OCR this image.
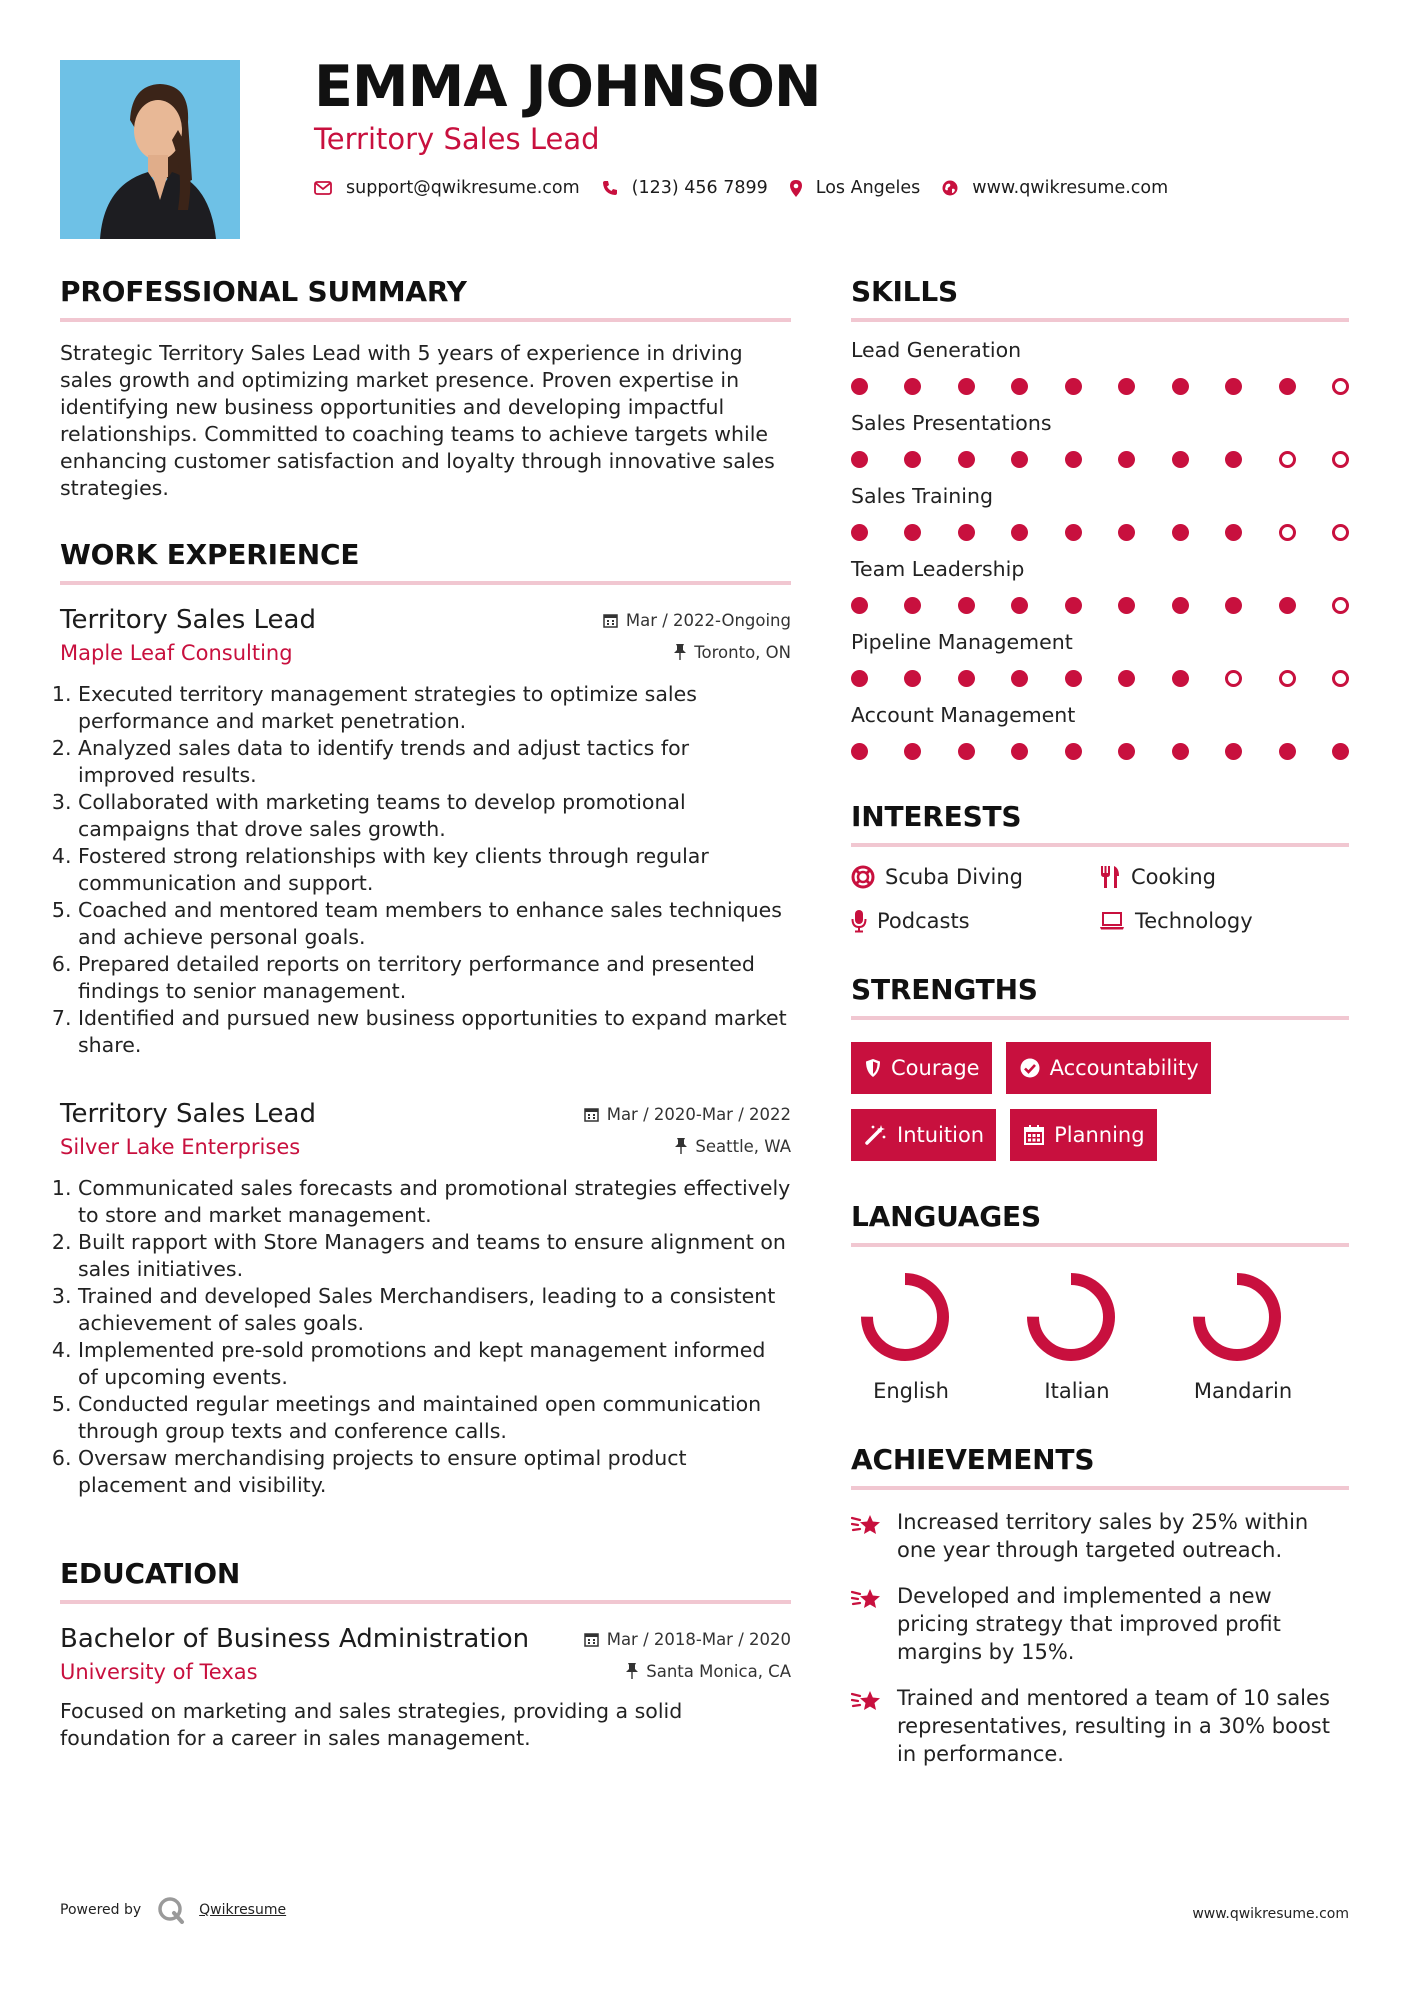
EMMA JOHNSON
Territory Sales Lead
support@qwikresume.com	(123) 456 7899	Los Angeles	www.qwikresume.com
PROFESSIONAL SUMMARY

Strategic Territory Sales Lead with 5 years of experience in driving sales growth and optimizing market presence. Proven expertise in identifying new business opportunities and developing impactful relationships. Committed to coaching teams to achieve targets while enhancing customer satisfaction and loyalty through innovative sales strategies.

WORK EXPERIENCE
Territory Sales Lead	Mar / 2022-Ongoing
Maple Leaf Consulting	Toronto, ON
1. Executed territory management strategies to optimize sales performance and market penetration.
2. Analyzed sales data to identify trends and adjust tactics for improved results.
3. Collaborated with marketing teams to develop promotional campaigns that drove sales growth.
4. Fostered strong relationships with key clients through regular communication and support.
5. Coached and mentored team members to enhance sales techniques and achieve personal goals.
6. Prepared detailed reports on territory performance and presented findings to senior management.
7. Identified and pursued new business opportunities to expand market share.
Territory Sales Lead	Mar / 2020-Mar / 2022
Silver Lake Enterprises	Seattle, WA
1. Communicated sales forecasts and promotional strategies effectively to store and market management.
2. Built rapport with Store Managers and teams to ensure alignment on sales initiatives.
3. Trained and developed Sales Merchandisers, leading to a consistent achievement of sales goals.
4. Implemented pre-sold promotions and kept management informed of upcoming events.
5. Conducted regular meetings and maintained open communication through group texts and conference calls.
6. Oversaw merchandising projects to ensure optimal product placement and visibility.
EDUCATION
Bachelor of Business Administration	Mar / 2018-Mar / 2020
University of Texas	Santa Monica, CA

Focused on marketing and sales strategies, providing a solid foundation for a career in sales management.

SKILLS
Lead Generation
Sales Presentations
Sales Training
Team Leadership
Pipeline Management
Account Management
INTERESTS
Scuba Diving	Cooking
Podcasts	Technology
STRENGTHS
Courage	Accountability
Intuition	Planning
LANGUAGES
English	Italian	Mandarin
ACHIEVEMENTS
Increased territory sales by 25% within one year through targeted outreach.
Developed and implemented a new pricing strategy that improved profit margins by 15%.
Trained and mentored a team of 10 sales representatives, resulting in a 30% boost in performance.
Powered by	Qwikresume	www.qwikresume.com
